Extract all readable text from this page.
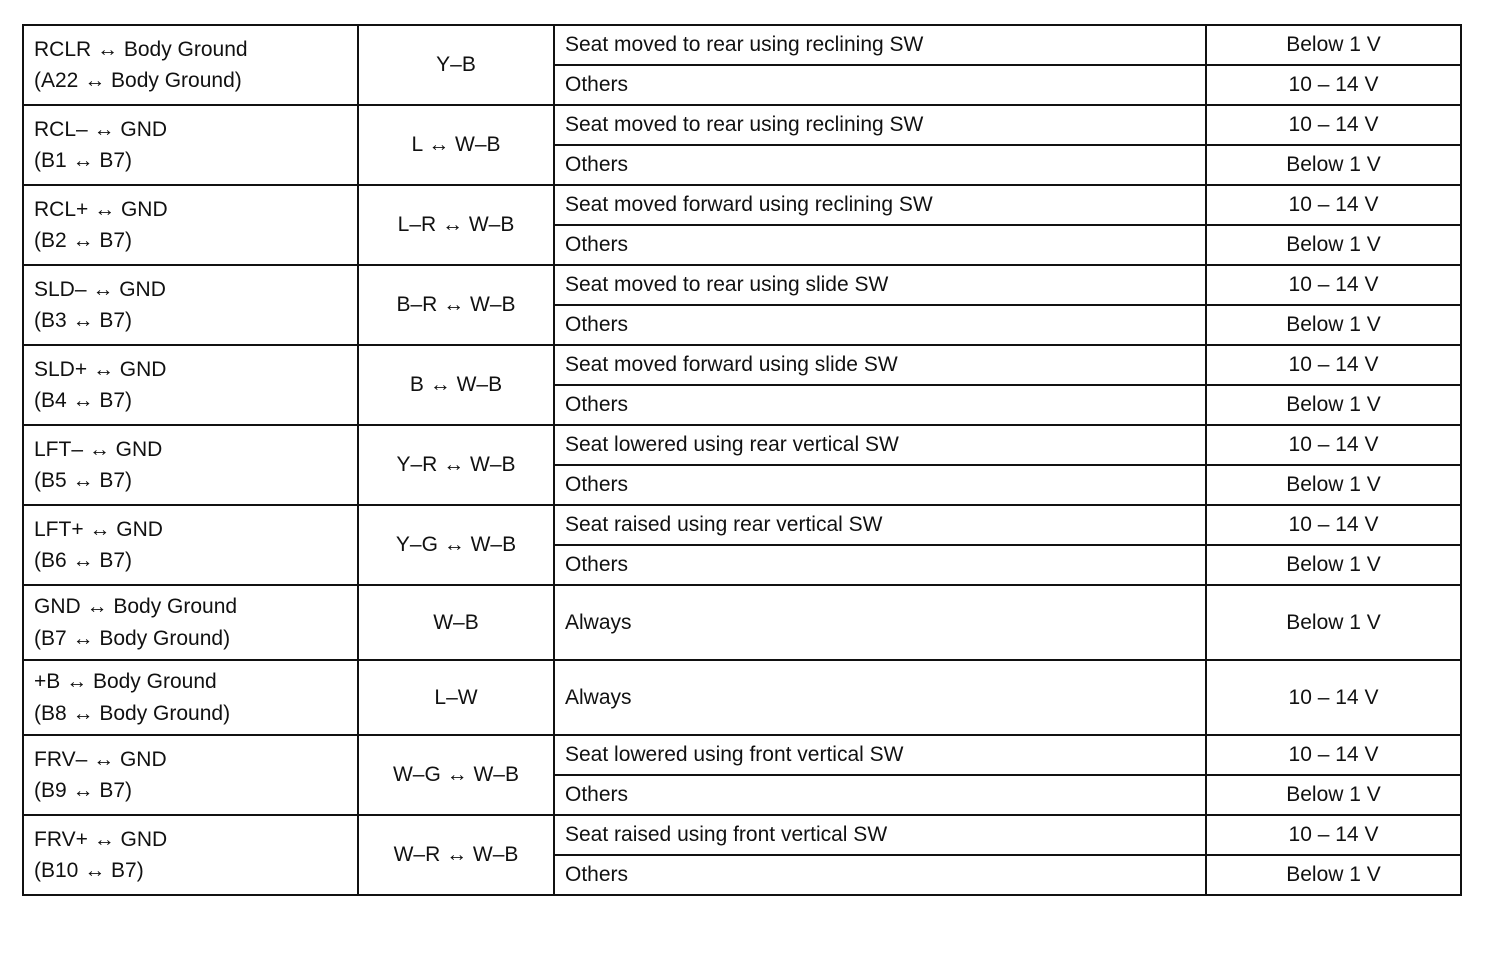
RCLR ↔ Body Ground
(A22 ↔ Body Ground)	Y–B	Seat moved to rear using reclining SW	Below 1 V
		Others	10 – 14 V

RCL– ↔ GND
(B1 ↔ B7)	L ↔ W–B	Seat moved to rear using reclining SW	10 – 14 V
		Others	Below 1 V

RCL+ ↔ GND
(B2 ↔ B7)	L–R ↔ W–B	Seat moved forward using reclining SW	10 – 14 V
		Others	Below 1 V

SLD– ↔ GND
(B3 ↔ B7)	B–R ↔ W–B	Seat moved to rear using slide SW	10 – 14 V
		Others	Below 1 V

SLD+ ↔ GND
(B4 ↔ B7)	B ↔ W–B	Seat moved forward using slide SW	10 – 14 V
		Others	Below 1 V

LFT– ↔ GND
(B5 ↔ B7)	Y–R ↔ W–B	Seat lowered using rear vertical SW	10 – 14 V
		Others	Below 1 V

LFT+ ↔ GND
(B6 ↔ B7)	Y–G ↔ W–B	Seat raised using rear vertical SW	10 – 14 V
		Others	Below 1 V

GND ↔ Body Ground
(B7 ↔ Body Ground)	W–B	Always	Below 1 V

+B ↔ Body Ground
(B8 ↔ Body Ground)	L–W	Always	10 – 14 V

FRV– ↔ GND
(B9 ↔ B7)	W–G ↔ W–B	Seat lowered using front vertical SW	10 – 14 V
		Others	Below 1 V

FRV+ ↔ GND
(B10 ↔ B7)	W–R ↔ W–B	Seat raised using front vertical SW	10 – 14 V
		Others	Below 1 V
